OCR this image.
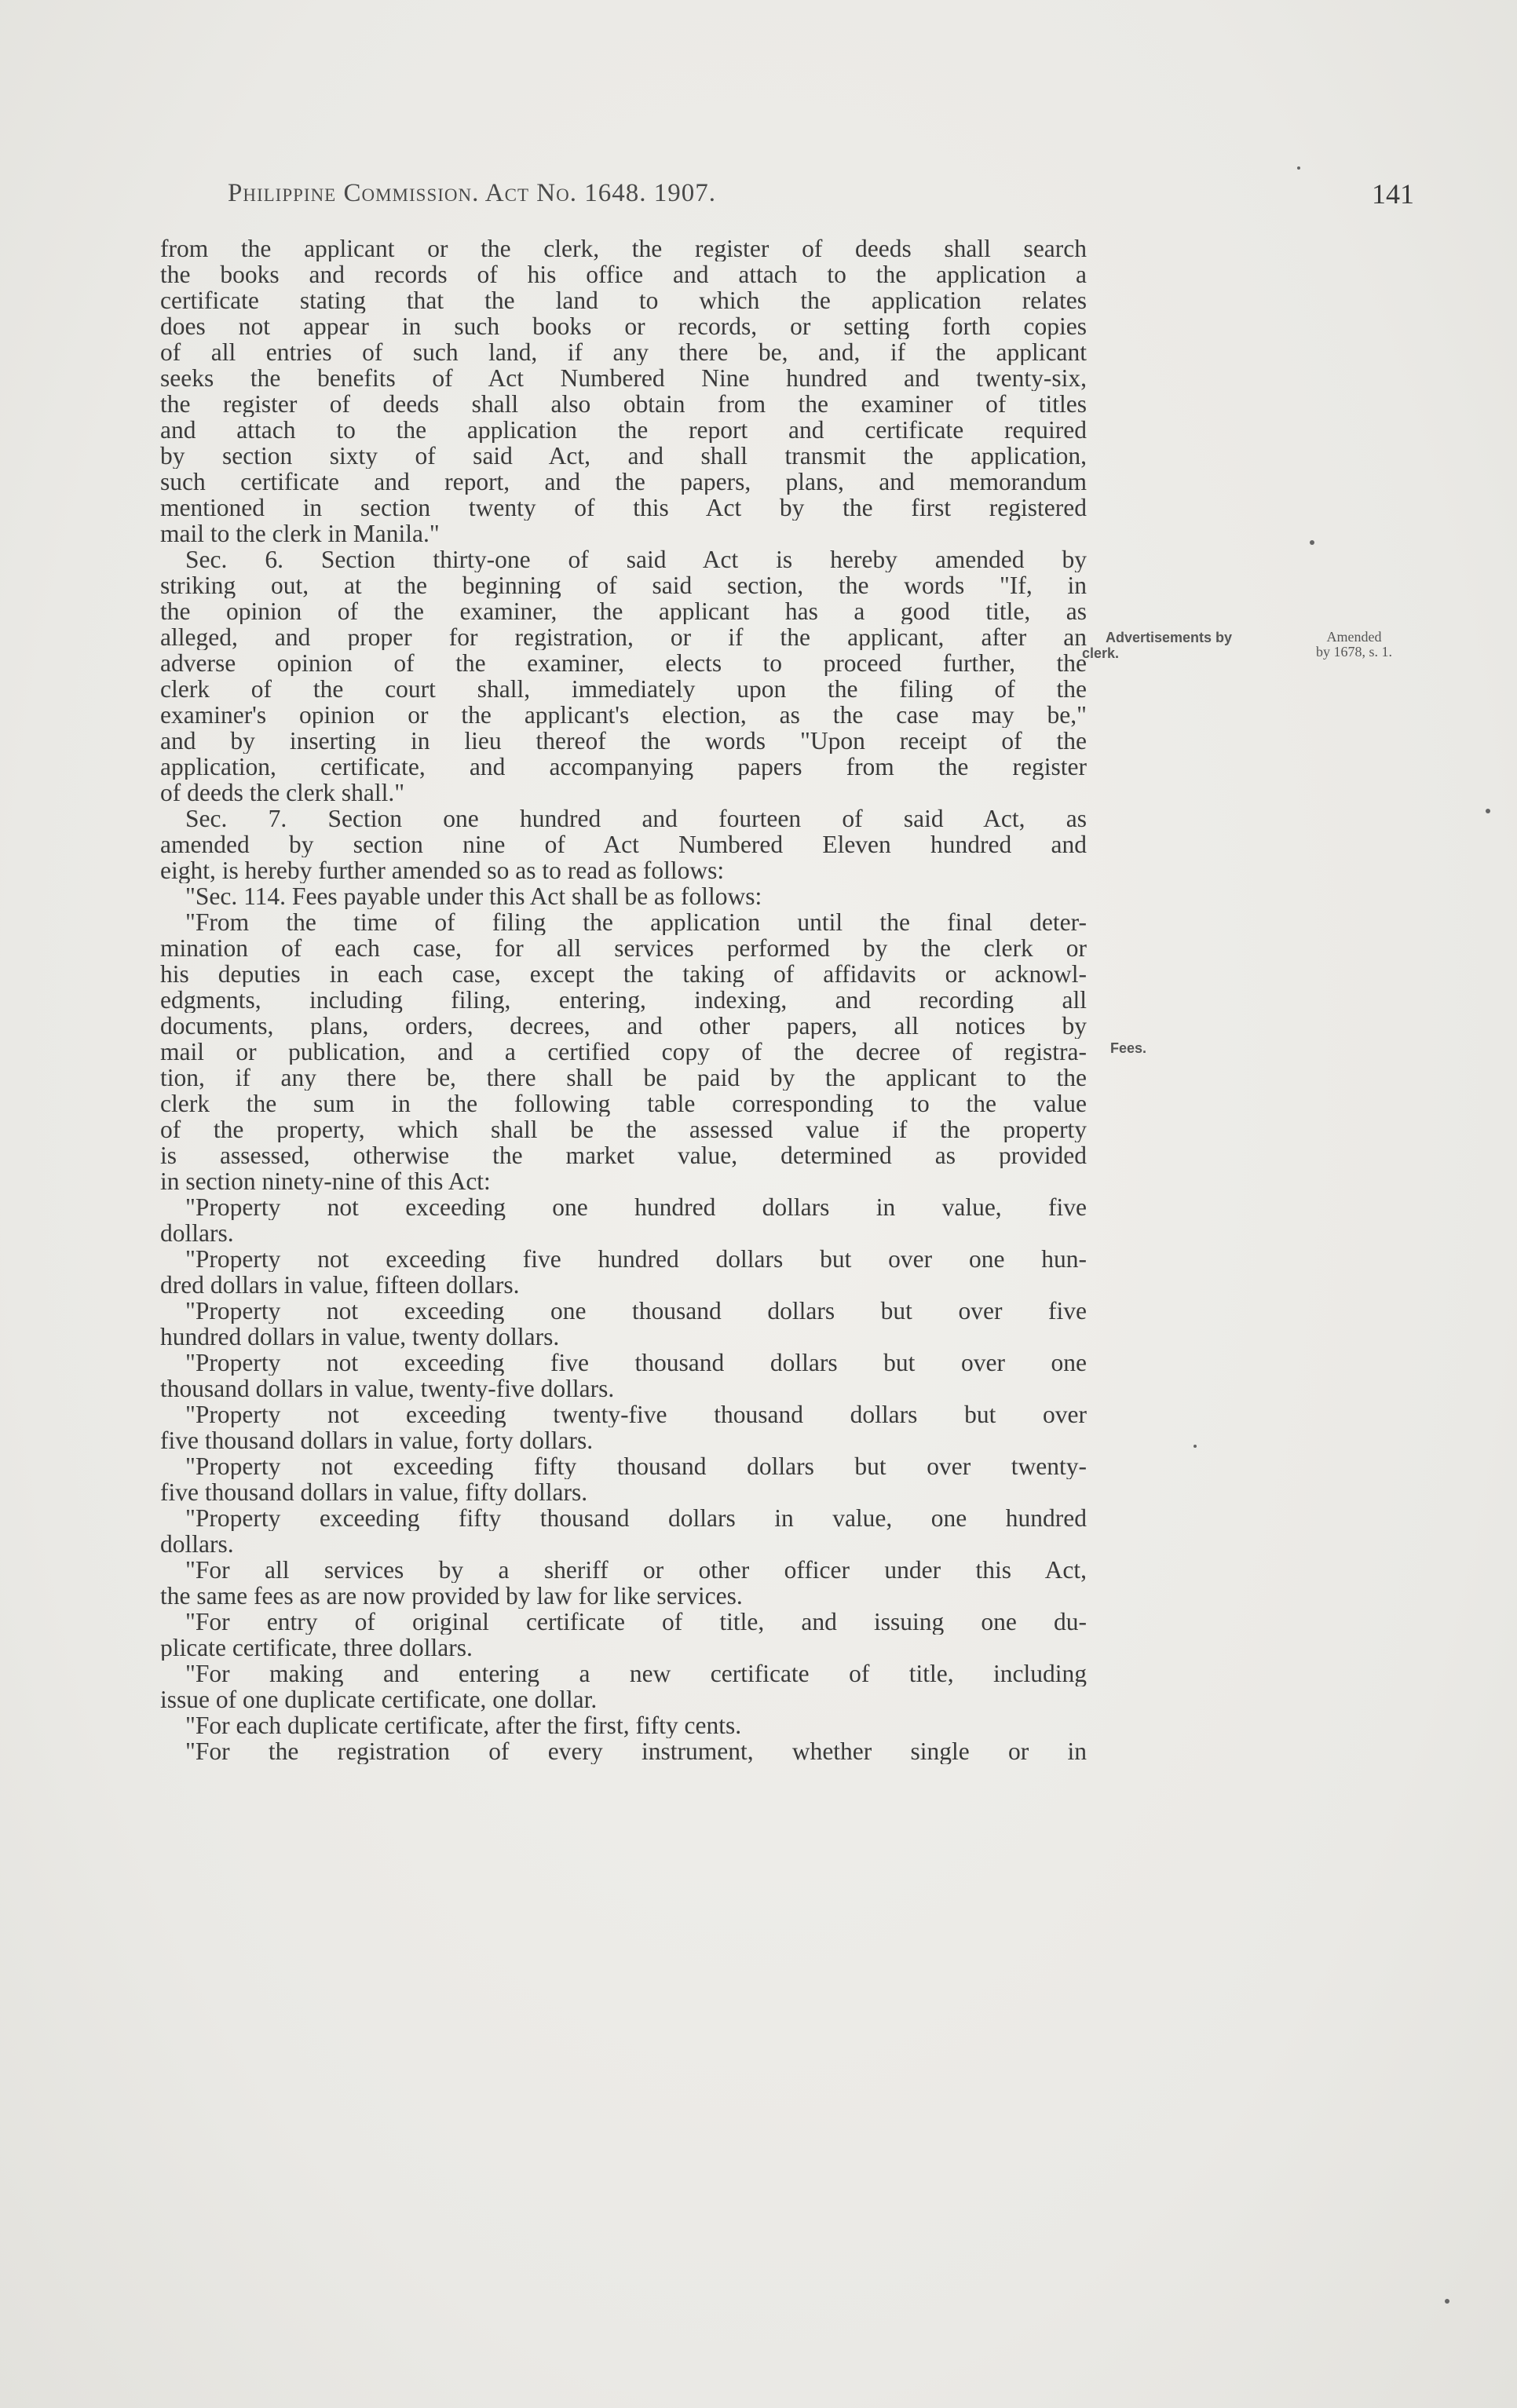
Philippine Commission. Act No. 1648. 1907.	141
Advertisements by
clerk.
Amended
by 1678, s. 1.
Fees.
from the applicant or the clerk, the register of deeds shall search
the books and records of his office and attach to the application a
certificate stating that the land to which the application relates
does not appear in such books or records, or setting forth copies
of all entries of such land, if any there be, and, if the applicant
seeks the benefits of Act Numbered Nine hundred and twenty-six,
the register of deeds shall also obtain from the examiner of titles
and attach to the application the report and certificate required
by section sixty of said Act, and shall transmit the application,
such certificate and report, and the papers, plans, and memorandum
mentioned in section twenty of this Act by the first registered
mail to the clerk in Manila."
Sec. 6. Section thirty-one of said Act is hereby amended by
striking out, at the beginning of said section, the words "If, in
the opinion of the examiner, the applicant has a good title, as
alleged, and proper for registration, or if the applicant, after an
adverse opinion of the examiner, elects to proceed further, the
clerk of the court shall, immediately upon the filing of the
examiner's opinion or the applicant's election, as the case may be,"
and by inserting in lieu thereof the words "Upon receipt of the
application, certificate, and accompanying papers from the register
of deeds the clerk shall."
Sec. 7. Section one hundred and fourteen of said Act, as
amended by section nine of Act Numbered Eleven hundred and
eight, is hereby further amended so as to read as follows:
"Sec. 114. Fees payable under this Act shall be as follows:
"From the time of filing the application until the final deter-
mination of each case, for all services performed by the clerk or
his deputies in each case, except the taking of affidavits or acknowl-
edgments, including filing, entering, indexing, and recording all
documents, plans, orders, decrees, and other papers, all notices by
mail or publication, and a certified copy of the decree of registra-
tion, if any there be, there shall be paid by the applicant to the
clerk the sum in the following table corresponding to the value
of the property, which shall be the assessed value if the property
is assessed, otherwise the market value, determined as provided
in section ninety-nine of this Act:
"Property not exceeding one hundred dollars in value, five
dollars.
"Property not exceeding five hundred dollars but over one hun-
dred dollars in value, fifteen dollars.
"Property not exceeding one thousand dollars but over five
hundred dollars in value, twenty dollars.
"Property not exceeding five thousand dollars but over one
thousand dollars in value, twenty-five dollars.
"Property not exceeding twenty-five thousand dollars but over
five thousand dollars in value, forty dollars.
"Property not exceeding fifty thousand dollars but over twenty-
five thousand dollars in value, fifty dollars.
"Property exceeding fifty thousand dollars in value, one hundred
dollars.
"For all services by a sheriff or other officer under this Act,
the same fees as are now provided by law for like services.
"For entry of original certificate of title, and issuing one du-
plicate certificate, three dollars.
"For making and entering a new certificate of title, including
issue of one duplicate certificate, one dollar.
"For each duplicate certificate, after the first, fifty cents.
"For the registration of every instrument, whether single or in
